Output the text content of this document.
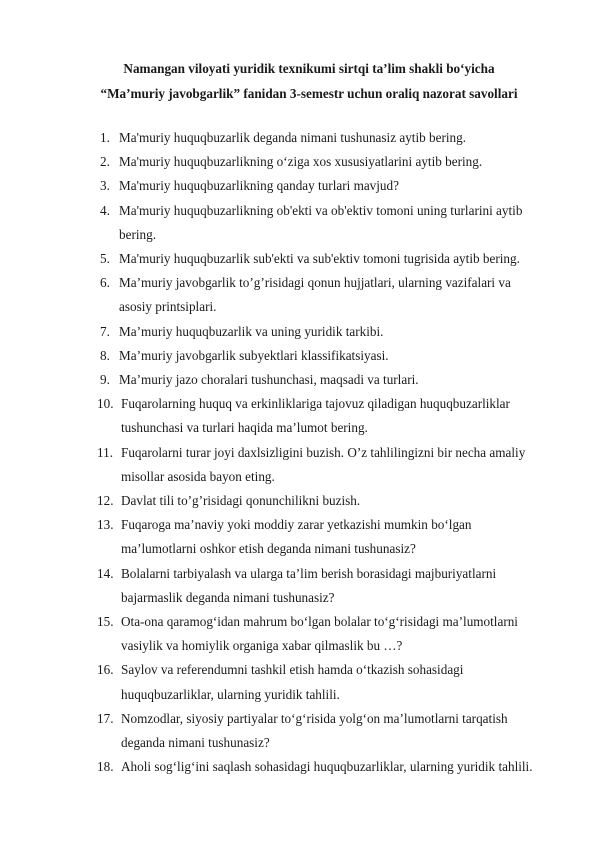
Namangan viloyati yuridik texnikumi sirtqi ta’lim shakli bo‘yicha
“Ma’muriy javobgarlik” fanidan 3-semestr uchun oraliq nazorat savollari
1. Ma'muriy huquqbuzarlik deganda nimani tushunasiz aytib bering.
2. Ma'muriy huquqbuzarlikning o‘ziga xos xususiyatlarini aytib bering.
3. Ma'muriy huquqbuzarlikning qanday turlari mavjud?
4. Ma'muriy huquqbuzarlikning ob'ekti va ob'ektiv tomoni uning turlarini aytib
bering.
5. Ma'muriy huquqbuzarlik sub'ekti va sub'ektiv tomoni tugrisida aytib bering.
6. Ma’muriy javobgarlik to’g’risidagi qonun hujjatlari, ularning vazifalari va
asosiy printsiplari.
7. Ma’muriy huquqbuzarlik va uning yuridik tarkibi.
8. Ma’muriy javobgarlik subyektlari klassifikatsiyasi.
9. Ma’muriy jazo choralari tushunchasi, maqsadi va turlari.
10. Fuqarolarning huquq va erkinliklariga tajovuz qiladigan huquqbuzarliklar
tushunchasi va turlari haqida ma’lumot bering.
11. Fuqarolarni turar joyi daxlsizligini buzish. O’z tahlilingizni bir necha amaliy
misollar asosida bayon eting.
12. Davlat tili to’g’risidagi qonunchilikni buzish.
13. Fuqaroga ma’naviy yoki moddiy zarar yetkazishi mumkin bo‘lgan
ma’lumotlarni oshkor etish deganda nimani tushunasiz?
14. Bolalarni tarbiyalash va ularga ta’lim berish borasidagi majburiyatlarni
bajarmaslik deganda nimani tushunasiz?
15. Ota-ona qaramog‘idan mahrum bo‘lgan bolalar to‘g‘risidagi ma’lumotlarni
vasiylik va homiylik organiga xabar qilmaslik bu …?
16. Saylov va referendumni tashkil etish hamda o‘tkazish sohasidagi
huquqbuzarliklar, ularning yuridik tahlili.
17. Nomzodlar, siyosiy partiyalar to‘g‘risida yolg‘on ma’lumotlarni tarqatish
deganda nimani tushunasiz?
18. Aholi sog‘lig‘ini saqlash sohasidagi huquqbuzarliklar, ularning yuridik tahlili.
